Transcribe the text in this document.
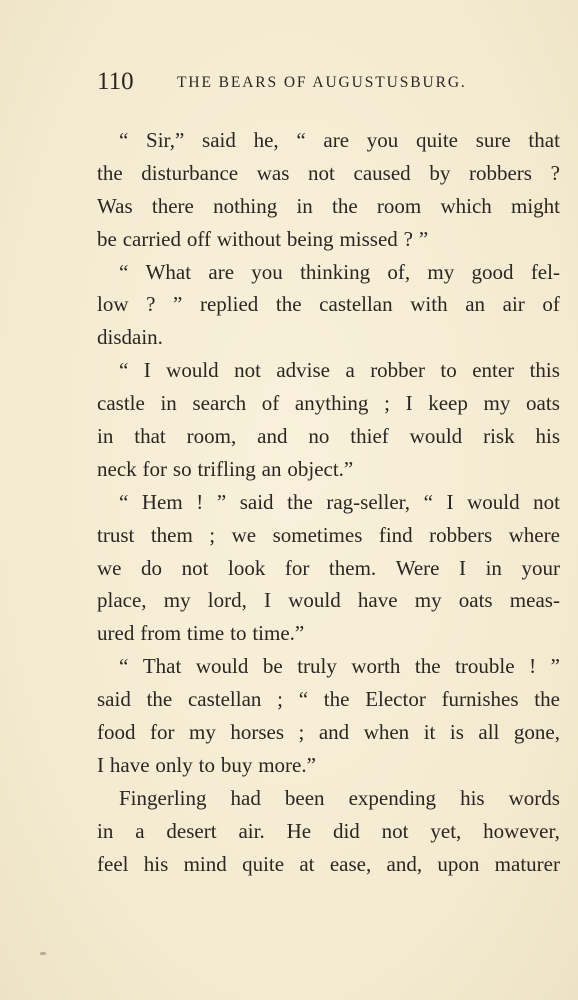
110	THE BEARS OF AUGUSTUSBURG.
“ Sir,” said he, “ are you quite sure that
the disturbance was not caused by robbers ?
Was there nothing in the room which might
be carried off without being missed ? ”
“ What are you thinking of, my good fel-
low ? ” replied the castellan with an air of
disdain.
“ I would not advise a robber to enter this
castle in search of anything ; I keep my oats
in that room, and no thief would risk his
neck for so trifling an object.”
“ Hem ! ” said the rag-seller, “ I would not
trust them ; we sometimes find robbers where
we do not look for them. Were I in your
place, my lord, I would have my oats meas-
ured from time to time.”
“ That would be truly worth the trouble ! ”
said the castellan ; “ the Elector furnishes the
food for my horses ; and when it is all gone,
I have only to buy more.”
Fingerling had been expending his words
in a desert air. He did not yet, however,
feel his mind quite at ease, and, upon maturer
